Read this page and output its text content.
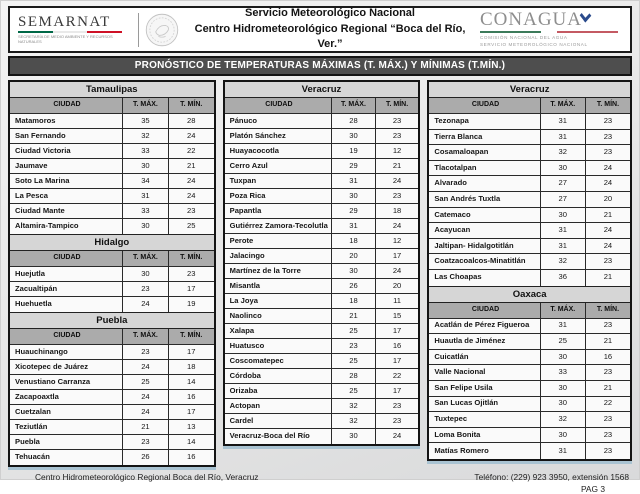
SEMARNAT
SECRETARÍA DE MEDIO AMBIENTE Y RECURSOS NATURALES
Servicio Meteorológico Nacional
Centro Hidrometeorológico Regional “Boca del Río, Ver.”
CONAGUA
COMISIÓN NACIONAL DEL AGUA
SERVICIO METEOROLÓGICO NACIONAL
PRONÓSTICO DE TEMPERATURAS MÁXIMAS (T. MÁX.) Y MÍNIMAS (T.MÍN.)
Tamaulipas
CIUDAD	T. MÁX.	T. MÍN.
Matamoros	35	28
San Fernando	32	24
Ciudad Victoria	33	22
Jaumave	30	21
Soto La Marina	34	24
La Pesca	31	24
Ciudad Mante	33	23
Altamira-Tampico	30	25
Hidalgo
CIUDAD	T. MÁX.	T. MÍN.
Huejutla	30	23
Zacualtipán	23	17
Huehuetla	24	19
Puebla
CIUDAD	T. MÁX.	T. MÍN.
Huauchinango	23	17
Xicotepec de Juárez	24	18
Venustiano Carranza	25	14
Zacapoaxtla	24	16
Cuetzalan	24	17
Teziutlán	21	13
Puebla	23	14
Tehuacán	26	16
Veracruz
CIUDAD	T. MÁX.	T. MÍN.
Pánuco	28	23
Platón Sánchez	30	23
Huayacocotla	19	12
Cerro Azul	29	21
Tuxpan	31	24
Poza Rica	30	23
Papantla	29	18
Gutiérrez Zamora-Tecolutla	31	24
Perote	18	12
Jalacingo	20	17
Martínez de la Torre	30	24
Misantla	26	20
La Joya	18	11
Naolinco	21	15
Xalapa	25	17
Huatusco	23	16
Coscomatepec	25	17
Córdoba	28	22
Orizaba	25	17
Actopan	32	23
Cardel	32	23
Veracruz-Boca del Río	30	24
Veracruz
CIUDAD	T. MÁX.	T. MÍN.
Tezonapa	31	23
Tierra Blanca	31	23
Cosamaloapan	32	23
Tlacotalpan	30	24
Alvarado	27	24
San Andrés Tuxtla	27	20
Catemaco	30	21
Acayucan	31	24
Jaltipan- Hidalgotitlán	31	24
Coatzacoalcos-Minatitlán	32	23
Las Choapas	36	21
Oaxaca
CIUDAD	T. MÁX.	T. MÍN.
Acatlán de Pérez Figueroa	31	23
Huautla de Jiménez	25	21
Cuicatlán	30	16
Valle Nacional	33	23
San Felipe Usila	30	21
San Lucas Ojitlán	30	22
Tuxtepec	32	23
Loma Bonita	30	23
Matías Romero	31	23
Centro Hidrometeorológico Regional Boca del Río, Veracruz	Teléfono: (229) 923 3950, extensión 1568
PAG 3
